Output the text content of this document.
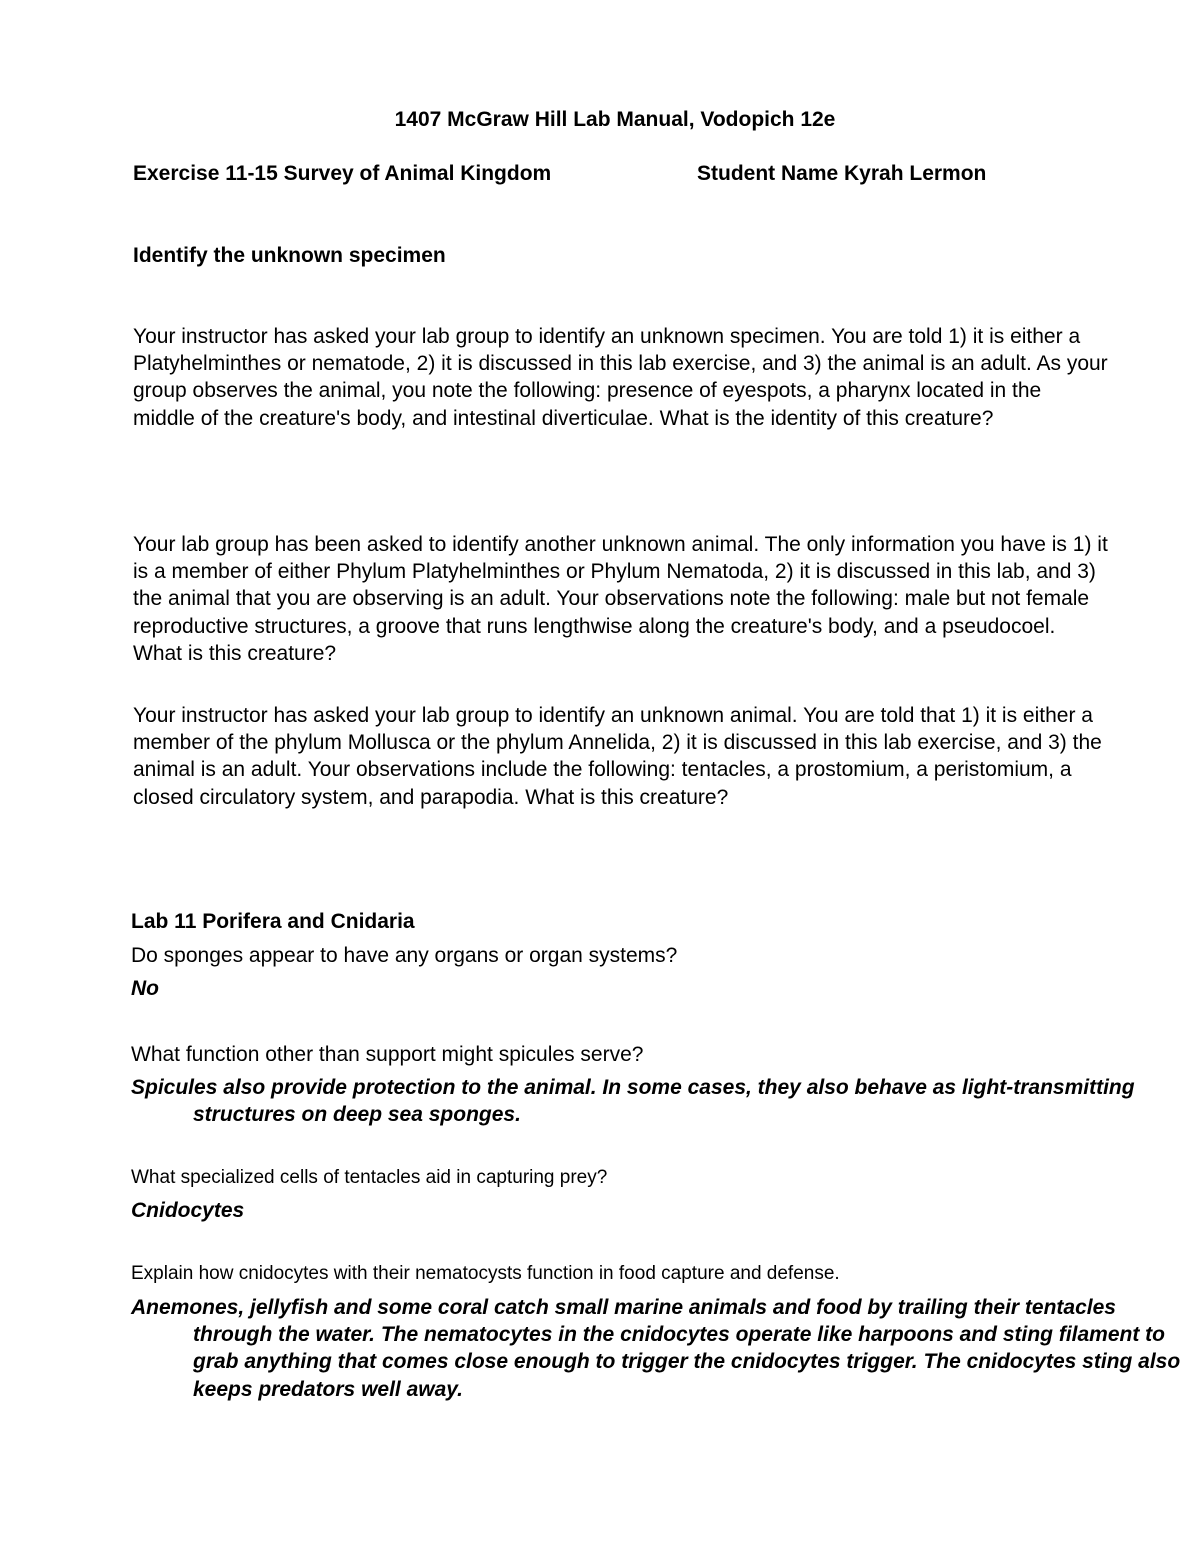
1407 McGraw Hill Lab Manual, Vodopich 12e

Exercise 11-15 Survey of Animal Kingdom	Student Name Kyrah Lermon

Identify the unknown specimen

Your instructor has asked your lab group to identify an unknown specimen. You are told 1) it is either a Platyhelminthes or nematode, 2) it is discussed in this lab exercise, and 3) the animal is an adult. As your group observes the animal, you note the following: presence of eyespots, a pharynx located in the middle of the creature's body, and intestinal diverticulae. What is the identity of this creature?

Your lab group has been asked to identify another unknown animal. The only information you have is 1) it is a member of either Phylum Platyhelminthes or Phylum Nematoda, 2) it is discussed in this lab, and 3) the animal that you are observing is an adult. Your observations note the following: male but not female reproductive structures, a groove that runs lengthwise along the creature's body, and a pseudocoel. What is this creature?

Your instructor has asked your lab group to identify an unknown animal. You are told that 1) it is either a member of the phylum Mollusca or the phylum Annelida, 2) it is discussed in this lab exercise, and 3) the animal is an adult. Your observations include the following: tentacles, a prostomium, a peristomium, a closed circulatory system, and parapodia. What is this creature?

Lab 11 Porifera and Cnidaria

Do sponges appear to have any organs or organ systems?

No

What function other than support might spicules serve?

Spicules also provide protection to the animal. In some cases, they also behave as light-transmitting structures on deep sea sponges.

What specialized cells of tentacles aid in capturing prey?

Cnidocytes

Explain how cnidocytes with their nematocysts function in food capture and defense.

Anemones, jellyfish and some coral catch small marine animals and food by trailing their tentacles through the water. The nematocytes in the cnidocytes operate like harpoons and sting filament to grab anything that comes close enough to trigger the cnidocytes trigger. The cnidocytes sting also keeps predators well away.
